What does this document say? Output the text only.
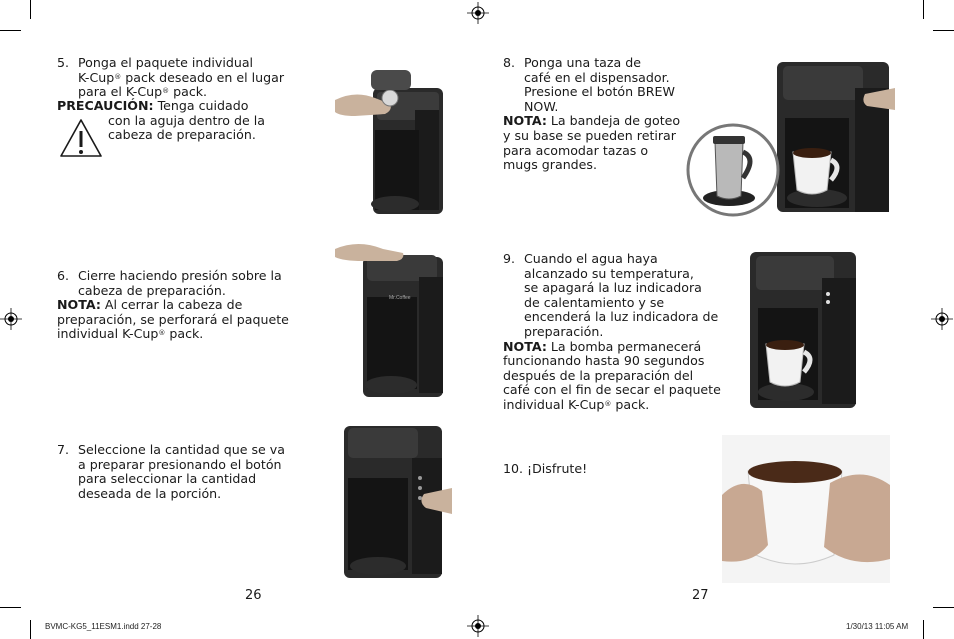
5. Ponga el paquete individual
K-Cup® pack deseado en el lugar
para el K-Cup® pack.
PRECAUCIÓN: Tenga cuidado
con la aguja dentro de la
cabeza de preparación.
6. Cierre haciendo presión sobre la
cabeza de preparación.
NOTA: Al cerrar la cabeza de
preparación, se perforará el paquete
individual K-Cup® pack.
Mr.Coffee
7. Seleccione la cantidad que se va
a preparar presionando el botón
para seleccionar la cantidad
deseada de la porción.
26
8. Ponga una taza de
café en el dispensador.
Presione el botón BREW
NOW.
NOTA: La bandeja de goteo
y su base se pueden retirar
para acomodar tazas o
mugs grandes.
9. Cuando el agua haya
alcanzado su temperatura,
se apagará la luz indicadora
de calentamiento y se
encenderá la luz indicadora de
preparación.
NOTA: La bomba permanecerá
funcionando hasta 90 segundos
después de la preparación del
café con el fin de secar el paquete
individual K-Cup® pack.
10. ¡Disfrute!
27
BVMC-KG5_11ESM1.indd 27-28	1/30/13 11:05 AM
